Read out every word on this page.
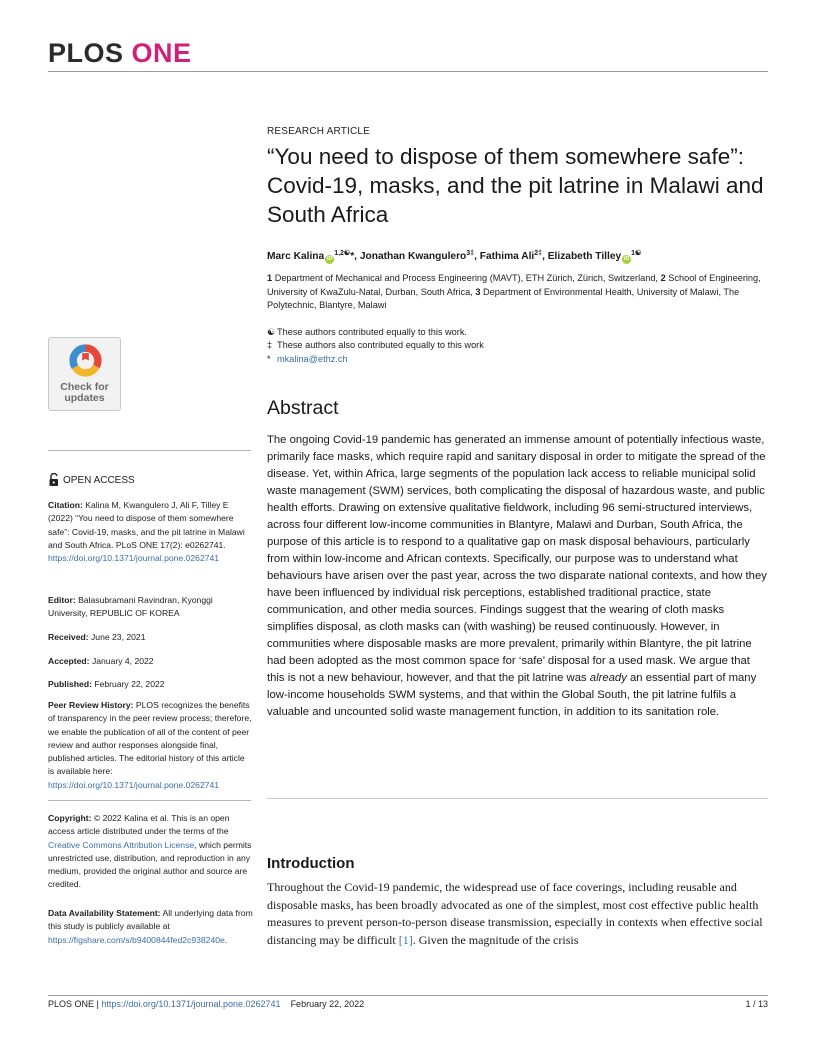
PLOS ONE
RESEARCH ARTICLE
“You need to dispose of them somewhere safe”: Covid-19, masks, and the pit latrine in Malawi and South Africa
Marc Kalina $iD^{1,2☯}*$, Jonathan Kwangulero$^{3\ddagger}$, Fathima Ali$^{2\ddagger}$, Elizabeth Tilley $iD^{1☯}$
1 Department of Mechanical and Process Engineering (MAVT), ETH Zürich, Zürich, Switzerland, 2 School of Engineering, University of KwaZulu-Natal, Durban, South Africa, 3 Department of Environmental Health, University of Malawi, The Polytechnic, Blantyre, Malawi
☯ These authors contributed equally to this work.
‡ These authors also contributed equally to this work
* mkalina@ethz.ch
Check for
updates
OPEN ACCESS
Citation: Kalina M, Kwangulero J, Ali F, Tilley E (2022) “You need to dispose of them somewhere safe”: Covid-19, masks, and the pit latrine in Malawi and South Africa. PLoS ONE 17(2): e0262741. https://doi.org/10.1371/journal.pone.0262741
Editor: Balasubramani Ravindran, Kyonggi University, REPUBLIC OF KOREA
Received: June 23, 2021
Accepted: January 4, 2022
Published: February 22, 2022
Peer Review History: PLOS recognizes the benefits of transparency in the peer review process; therefore, we enable the publication of all of the content of peer review and author responses alongside final, published articles. The editorial history of this article is available here: https://doi.org/10.1371/journal.pone.0262741
Copyright: © 2022 Kalina et al. This is an open access article distributed under the terms of the Creative Commons Attribution License, which permits unrestricted use, distribution, and reproduction in any medium, provided the original author and source are credited.
Data Availability Statement: All underlying data from this study is publicly available at https://figshare.com/s/b9400844fed2c938240e.
Abstract

The ongoing Covid-19 pandemic has generated an immense amount of potentially infectious waste, primarily face masks, which require rapid and sanitary disposal in order to mitigate the spread of the disease. Yet, within Africa, large segments of the population lack access to reliable municipal solid waste management (SWM) services, both complicating the disposal of hazardous waste, and public health efforts. Drawing on extensive qualitative fieldwork, including 96 semi-structured interviews, across four different low-income communities in Blantyre, Malawi and Durban, South Africa, the purpose of this article is to respond to a qualitative gap on mask disposal behaviours, particularly from within low-income and African contexts. Specifically, our purpose was to understand what behaviours have arisen over the past year, across the two disparate national contexts, and how they have been influenced by individual risk perceptions, established traditional practice, state communication, and other media sources. Findings suggest that the wearing of cloth masks simplifies disposal, as cloth masks can (with washing) be reused continuously. However, in communities where disposable masks are more prevalent, primarily within Blantyre, the pit latrine had been adopted as the most common space for ‘safe’ disposal for a used mask. We argue that this is not a new behaviour, however, and that the pit latrine was already an essential part of many low-income households SWM systems, and that within the Global South, the pit latrine fulfils a valuable and uncounted solid waste management function, in addition to its sanitation role.

Introduction

Throughout the Covid-19 pandemic, the widespread use of face coverings, including reusable and disposable masks, has been broadly advocated as one of the simplest, most cost effective public health measures to prevent person-to-person disease transmission, especially in contexts when effective social distancing may be difficult [1]. Given the magnitude of the crisis

PLOS ONE | https://doi.org/10.1371/journal.pone.0262741 February 22, 2022	1 / 13
